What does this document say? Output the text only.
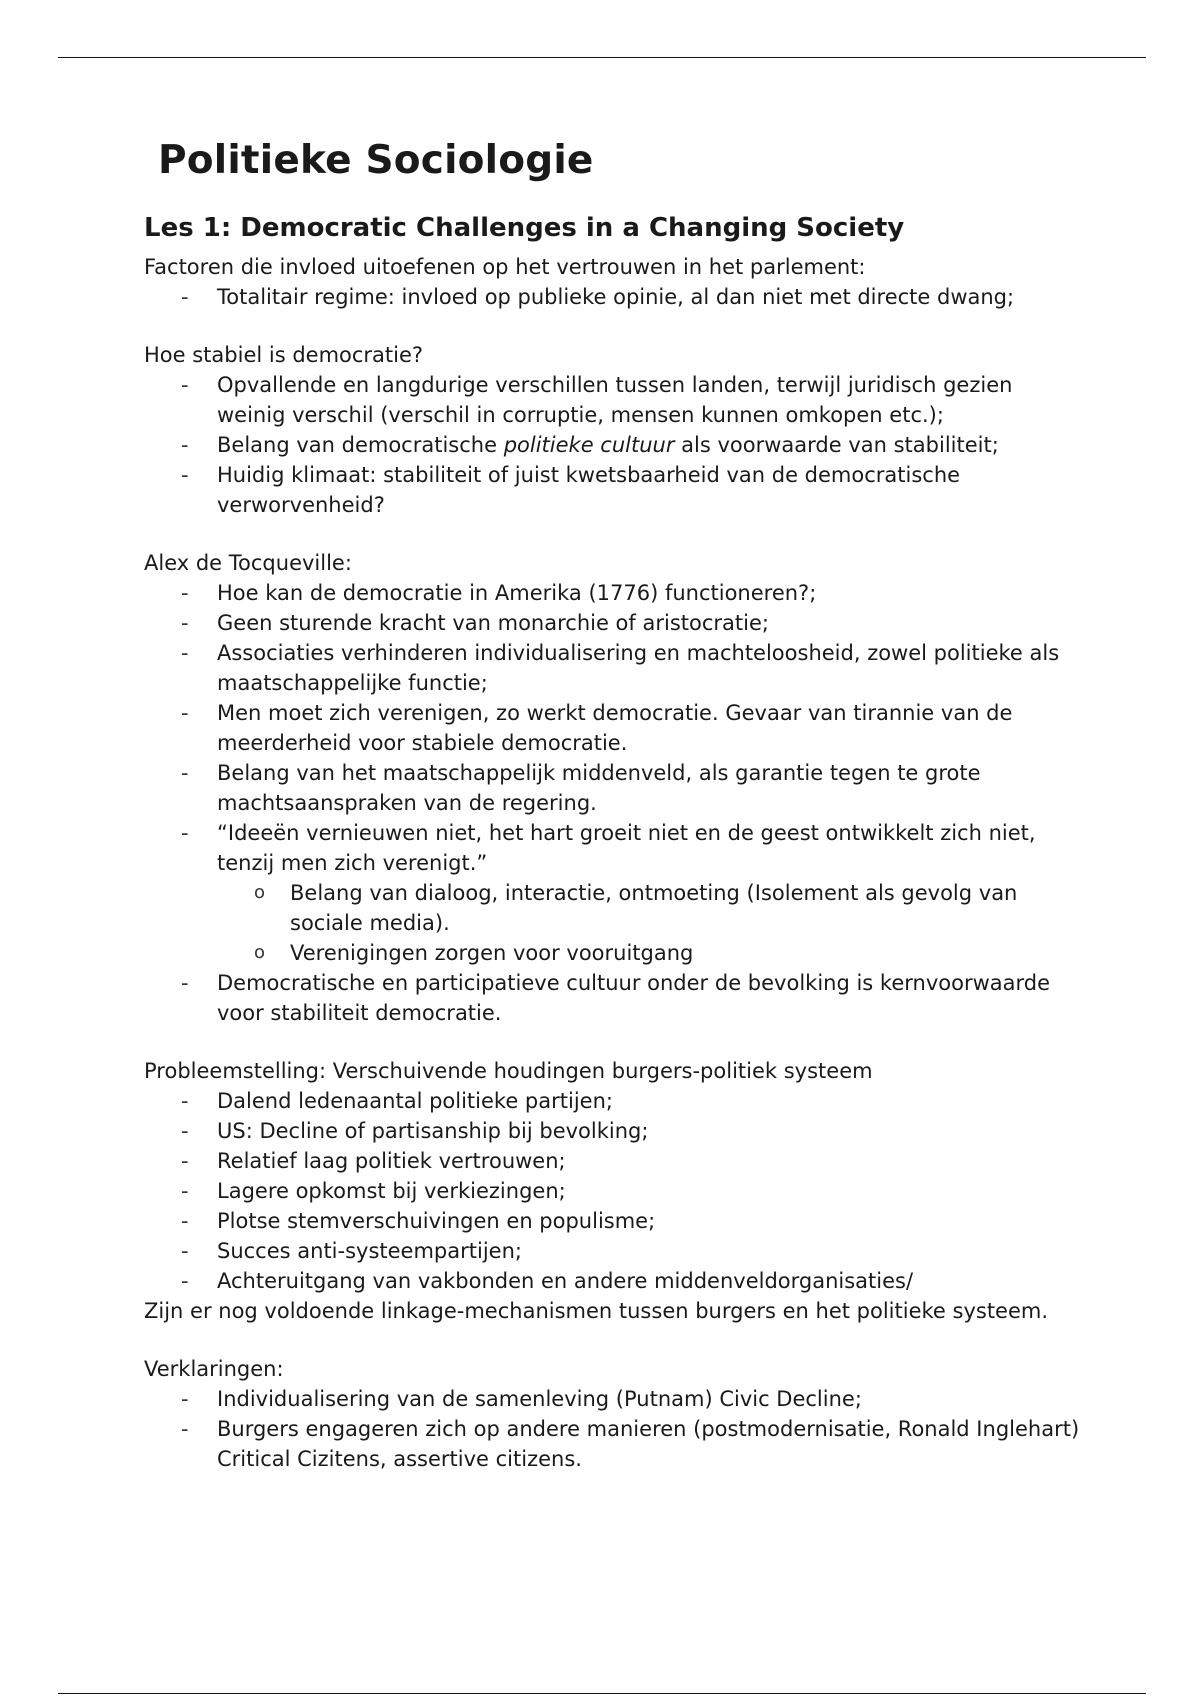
Politieke Sociologie
Les 1: Democratic Challenges in a Changing Society

Factoren die invloed uitoefenen op het vertrouwen in het parlement:

- Totalitair regime: invloed op publieke opinie, al dan niet met directe dwang;

Hoe stabiel is democratie?

- Opvallende en langdurige verschillen tussen landen, terwijl juridisch gezien weinig verschil (verschil in corruptie, mensen kunnen omkopen etc.);
- Belang van democratische politieke cultuur als voorwaarde van stabiliteit;
- Huidig klimaat: stabiliteit of juist kwetsbaarheid van de democratische verworvenheid?

Alex de Tocqueville:

- Hoe kan de democratie in Amerika (1776) functioneren?;
- Geen sturende kracht van monarchie of aristocratie;
- Associaties verhinderen individualisering en machteloosheid, zowel politieke als maatschappelijke functie;
- Men moet zich verenigen, zo werkt democratie. Gevaar van tirannie van de meerderheid voor stabiele democratie.
- Belang van het maatschappelijk middenveld, als garantie tegen te grote machtsaanspraken van de regering.
- “Ideeën vernieuwen niet, het hart groeit niet en de geest ontwikkelt zich niet, tenzij men zich verenigt.”
o Belang van dialoog, interactie, ontmoeting (Isolement als gevolg van sociale media).
o Verenigingen zorgen voor vooruitgang
- Democratische en participatieve cultuur onder de bevolking is kernvoorwaarde voor stabiliteit democratie.

Probleemstelling: Verschuivende houdingen burgers-politiek systeem

- Dalend ledenaantal politieke partijen;
- US: Decline of partisanship bij bevolking;
- Relatief laag politiek vertrouwen;
- Lagere opkomst bij verkiezingen;
- Plotse stemverschuivingen en populisme;
- Succes anti-systeempartijen;
- Achteruitgang van vakbonden en andere middenveldorganisaties/

Zijn er nog voldoende linkage-mechanismen tussen burgers en het politieke systeem.

Verklaringen:

- Individualisering van de samenleving (Putnam) Civic Decline;
- Burgers engageren zich op andere manieren (postmodernisatie, Ronald Inglehart) Critical Cizitens, assertive citizens.
